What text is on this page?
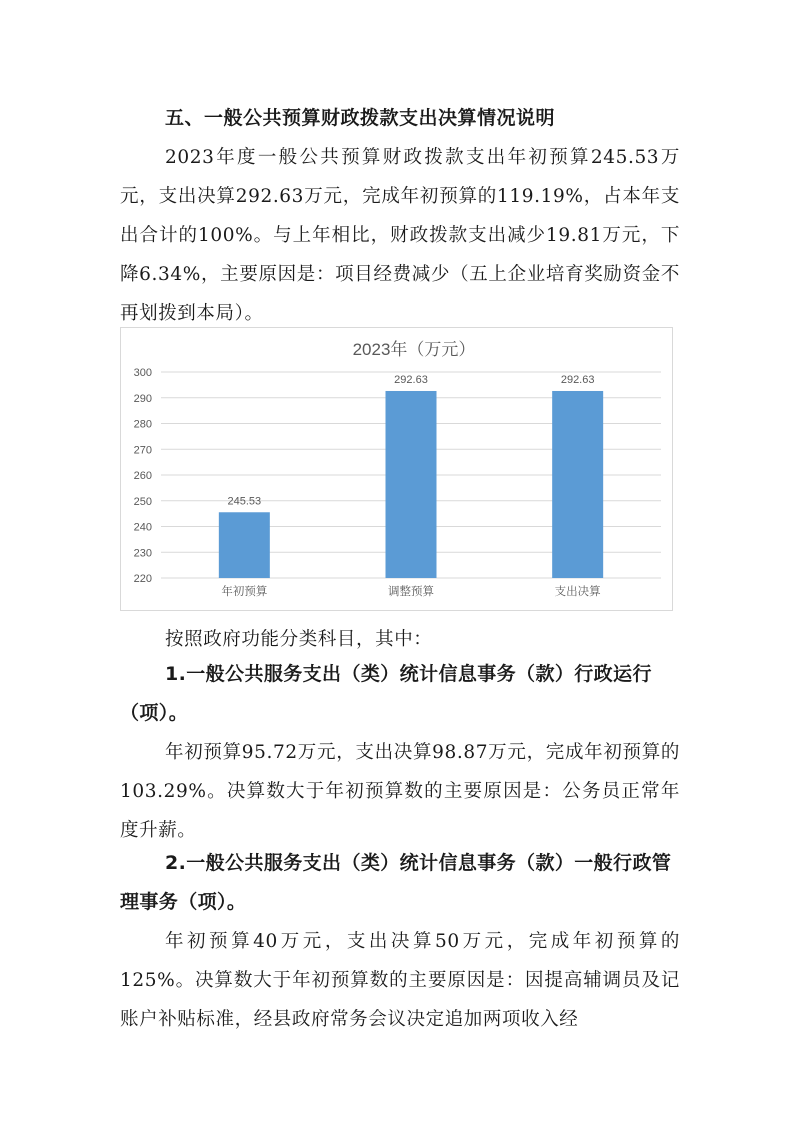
五、一般公共预算财政拨款支出决算情况说明
2023年度一般公共预算财政拨款支出年初预算245.53万元，支出决算292.63万元，完成年初预算的119.19%，占本年支出合计的100%。与上年相比，财政拨款支出减少19.81万元，下降6.34%，主要原因是：项目经费减少（五上企业培育奖励资金不再划拨到本局）。
2023年（万元）
220
230
240
250
260
270
280
290
300
245.53
年初预算
292.63
调整预算
292.63
支出决算
按照政府功能分类科目，其中：
1.一般公共服务支出（类）统计信息事务（款）行政运行（项）。
年初预算95.72万元，支出决算98.87万元，完成年初预算的103.29%。决算数大于年初预算数的主要原因是：公务员正常年度升薪。
2.一般公共服务支出（类）统计信息事务（款）一般行政管理事务（项）。
年初预算40万元，支出决算50万元，完成年初预算的125%。决算数大于年初预算数的主要原因是：因提高辅调员及记账户补贴标准，经县政府常务会议决定追加两项收入经
